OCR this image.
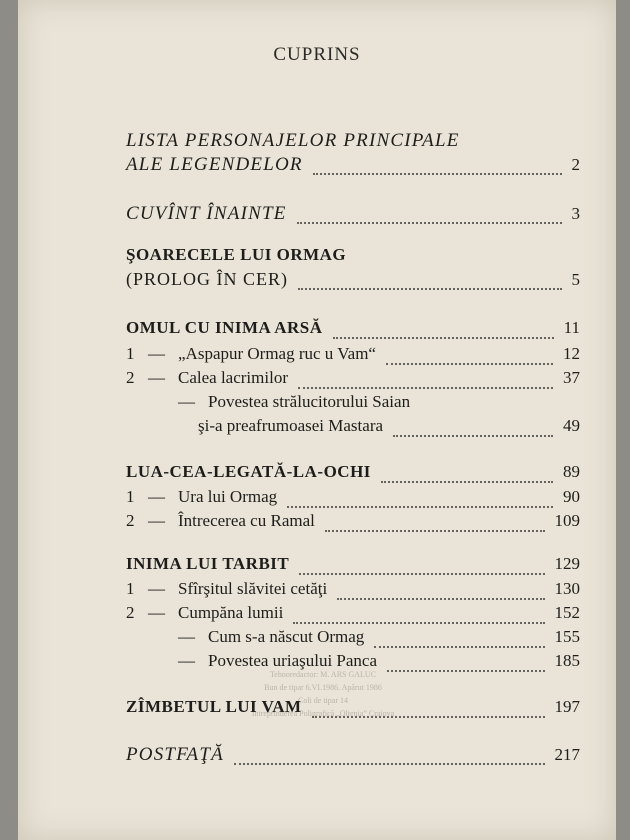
CUPRINS
LISTA PERSONAJELOR PRINCIPALE
ALE LEGENDELOR	2
CUVÎNT ÎNAINTE	3
ŞOARECELE LUI ORMAG
(PROLOG ÎN CER)	5
OMUL CU INIMA ARSĂ	11
1 — „Aspapur Ormag ruc u Vam“	12
2 — Calea lacrimilor	37
— Povestea strălucitorului Saian
şi-a preafrumoasei Mastara	49
LUA-CEA-LEGATĂ-LA-OCHI	89
1 — Ura lui Ormag	90
2 — Întrecerea cu Ramal	109
INIMA LUI TARBIT	129
1 — Sfîrşitul slăvitei cetăţi	130
2 — Cumpăna lumii	152
— Cum s-a născut Ormag	155
— Povestea uriaşului Panca	185
ZÎMBETUL LUI VAM	197
POSTFAŢĂ	217
Tehnoredactor: M. ARS GALUC
Bun de tipar 6.VI.1986. Apărut 1986
Coli de tipar 14
Întreprinderea Poligrafică „Oltenia” Craiova
